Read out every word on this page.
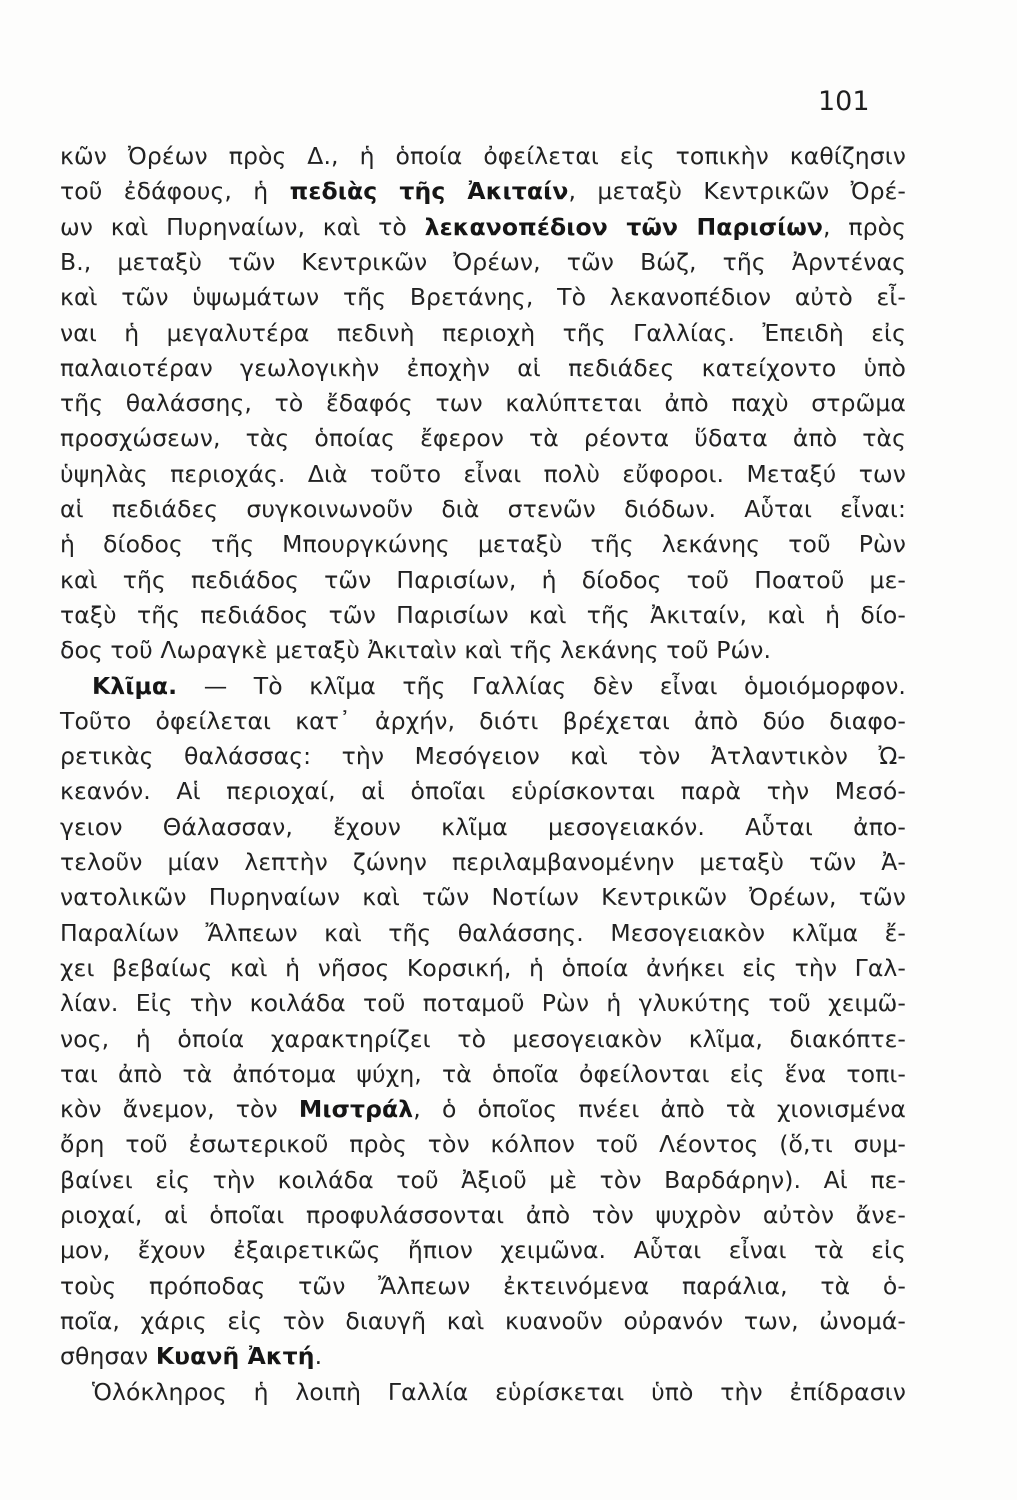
101
κῶν Ὀρέων πρὸς Δ., ἡ ὁποία ὀφείλεται εἰς τοπικὴν καθίζησιν
τοῦ ἐδάφους, ἡ πεδιὰς τῆς Ἀκιταίν, μεταξὺ Κεντρικῶν Ὀρέ-
ων καὶ Πυρηναίων, καὶ τὸ λεκανοπέδιον τῶν Παρισίων, πρὸς
Β., μεταξὺ τῶν Κεντρικῶν Ὀρέων, τῶν Βώζ, τῆς Ἀρντένας
καὶ τῶν ὑψωμάτων τῆς Βρετάνης, Τὸ λεκανοπέδιον αὐτὸ εἶ-
ναι ἡ μεγαλυτέρα πεδινὴ περιοχὴ τῆς Γαλλίας. Ἐπειδὴ εἰς
παλαιοτέραν γεωλογικὴν ἐποχὴν αἱ πεδιάδες κατείχοντο ὑπὸ
τῆς θαλάσσης, τὸ ἔδαφός των καλύπτεται ἀπὸ παχὺ στρῶμα
προσχώσεων, τὰς ὁποίας ἔφερον τὰ ρέοντα ὕδατα ἀπὸ τὰς
ὑψηλὰς περιοχάς. Διὰ τοῦτο εἶναι πολὺ εὔφοροι. Μεταξύ των
αἱ πεδιάδες συγκοινωνοῦν διὰ στενῶν διόδων. Αὗται εἶναι:
ἡ δίοδος τῆς Μπουργκώνης μεταξὺ τῆς λεκάνης τοῦ Ρὼν
καὶ τῆς πεδιάδος τῶν Παρισίων, ἡ δίοδος τοῦ Ποατοῦ με-
ταξὺ τῆς πεδιάδος τῶν Παρισίων καὶ τῆς Ἀκιταίν, καὶ ἡ δίο-
δος τοῦ Λωραγκὲ μεταξὺ Ἀκιταὶν καὶ τῆς λεκάνης τοῦ Ρών.
Κλῖμα. — Τὸ κλῖμα τῆς Γαλλίας δὲν εἶναι ὁμοιόμορφον.
Τοῦτο ὀφείλεται κατ᾿ ἀρχήν, διότι βρέχεται ἀπὸ δύο διαφο-
ρετικὰς θαλάσσας: τὴν Μεσόγειον καὶ τὸν Ἀτλαντικὸν Ὠ-
κεανόν. Αἱ περιοχαί, αἱ ὁποῖαι εὑρίσκονται παρὰ τὴν Μεσό-
γειον Θάλασσαν, ἔχουν κλῖμα μεσογειακόν. Αὗται ἀπο-
τελοῦν μίαν λεπτὴν ζώνην περιλαμβανομένην μεταξὺ τῶν Ἀ-
νατολικῶν Πυρηναίων καὶ τῶν Νοτίων Κεντρικῶν Ὀρέων, τῶν
Παραλίων Ἄλπεων καὶ τῆς θαλάσσης. Μεσογειακὸν κλῖμα ἔ-
χει βεβαίως καὶ ἡ νῆσος Κορσική, ἡ ὁποία ἀνήκει εἰς τὴν Γαλ-
λίαν. Εἰς τὴν κοιλάδα τοῦ ποταμοῦ Ρὼν ἡ γλυκύτης τοῦ χειμῶ-
νος, ἡ ὁποία χαρακτηρίζει τὸ μεσογειακὸν κλῖμα, διακόπτε-
ται ἀπὸ τὰ ἀπότομα ψύχη, τὰ ὁποῖα ὀφείλονται εἰς ἕνα τοπι-
κὸν ἄνεμον, τὸν Μιστράλ, ὁ ὁποῖος πνέει ἀπὸ τὰ χιονισμένα
ὄρη τοῦ ἐσωτερικοῦ πρὸς τὸν κόλπον τοῦ Λέοντος (ὅ,τι συμ-
βαίνει εἰς τὴν κοιλάδα τοῦ Ἀξιοῦ μὲ τὸν Βαρδάρην). Αἱ πε-
ριοχαί, αἱ ὁποῖαι προφυλάσσονται ἀπὸ τὸν ψυχρὸν αὐτὸν ἄνε-
μον, ἔχουν ἐξαιρετικῶς ἤπιον χειμῶνα. Αὗται εἶναι τὰ εἰς
τοὺς πρόποδας τῶν Ἄλπεων ἐκτεινόμενα παράλια, τὰ ὁ-
ποῖα, χάρις εἰς τὸν διαυγῆ καὶ κυανοῦν οὐρανόν των, ὠνομά-
σθησαν Κυανῆ Ἀκτή.
Ὁλόκληρος ἡ λοιπὴ Γαλλία εὑρίσκεται ὑπὸ τὴν ἐπίδρασιν
